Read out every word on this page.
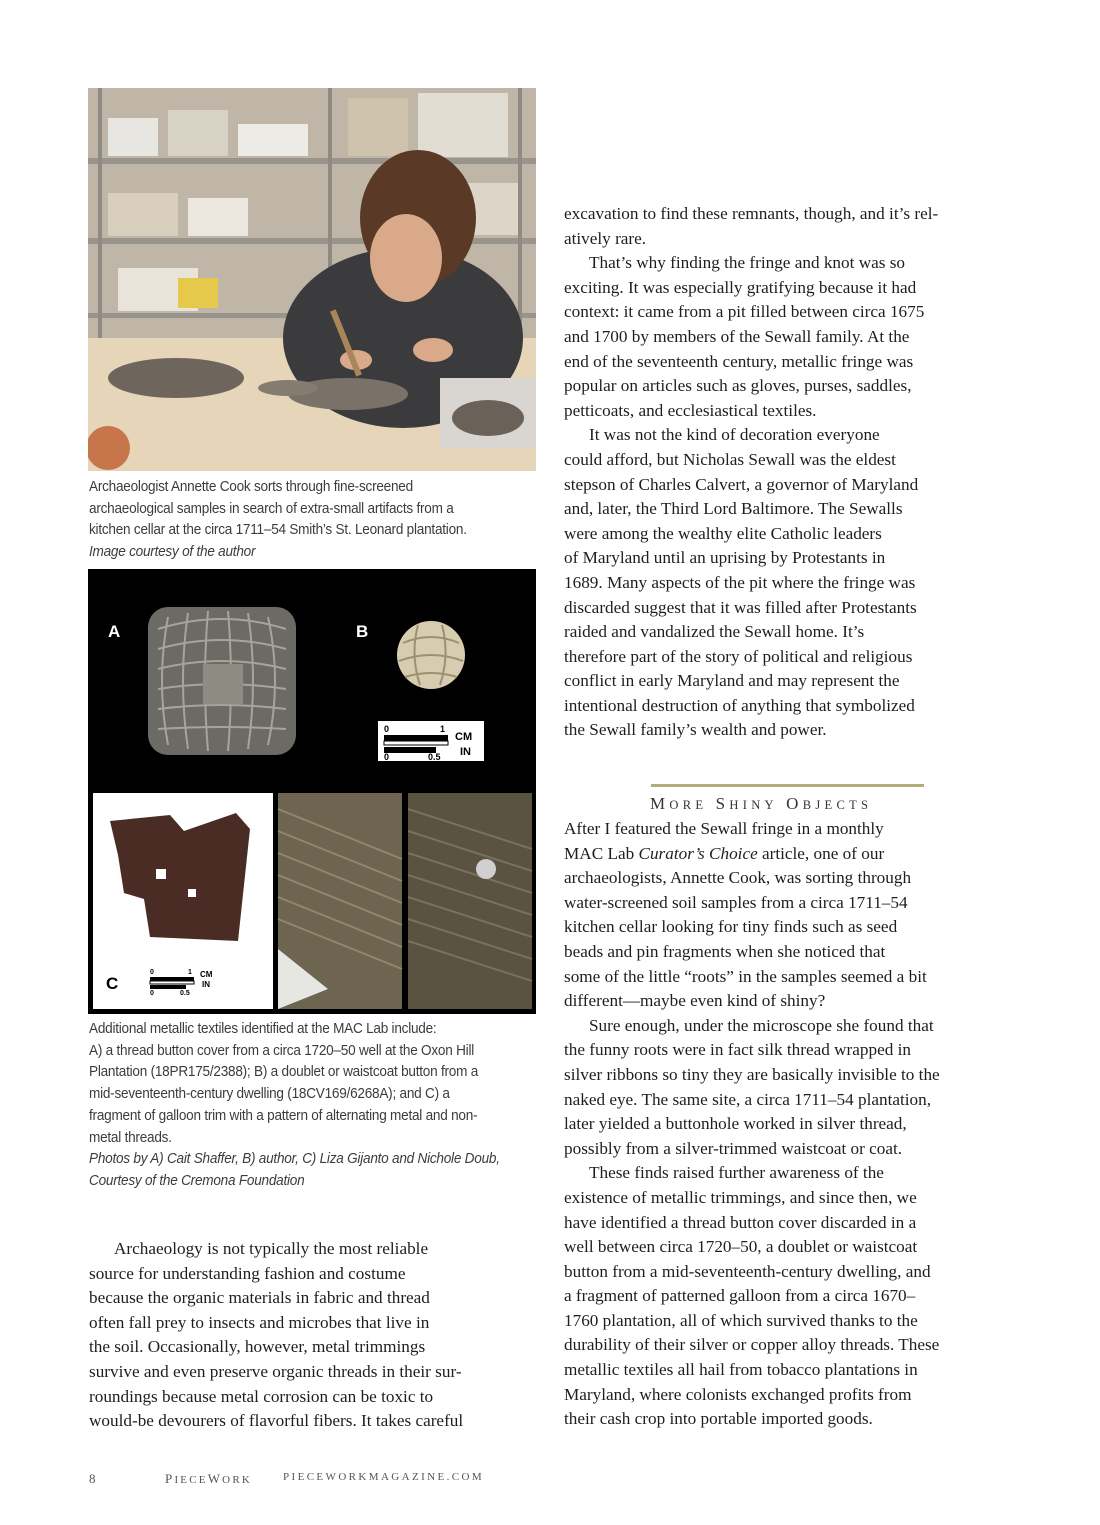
Archaeologist Annette Cook sorts through fine-screened
archaeological samples in search of extra-small artifacts from a
kitchen cellar at the circa 1711–54 Smith’s St. Leonard plantation.
Image courtesy of the author
A	B
0	1
CM
IN
0	0.5
C
0	1 CM
IN
0	0.5
Additional metallic textiles identified at the MAC Lab include:
A) a thread button cover from a circa 1720–50 well at the Oxon Hill
Plantation (18PR175/2388); B) a doublet or waistcoat button from a
mid-seventeenth-century dwelling (18CV169/6268A); and C) a
fragment of galloon trim with a pattern of alternating metal and non-
metal threads.
Photos by A) Cait Shaffer, B) author, C) Liza Gijanto and Nichole Doub,
Courtesy of the Cremona Foundation
Archaeology is not typically the most reliable
source for understanding fashion and costume
because the organic materials in fabric and thread
often fall prey to insects and microbes that live in
the soil. Occasionally, however, metal trimmings
survive and even preserve organic threads in their sur-
roundings because metal corrosion can be toxic to
would-be devourers of flavorful fibers. It takes careful
excavation to find these remnants, though, and it’s rel-
atively rare.
That’s why finding the fringe and knot was so
exciting. It was especially gratifying because it had
context: it came from a pit filled between circa 1675
and 1700 by members of the Sewall family. At the
end of the seventeenth century, metallic fringe was
popular on articles such as gloves, purses, saddles,
petticoats, and ecclesiastical textiles.
It was not the kind of decoration everyone
could afford, but Nicholas Sewall was the eldest
stepson of Charles Calvert, a governor of Maryland
and, later, the Third Lord Baltimore. The Sewalls
were among the wealthy elite Catholic leaders
of Maryland until an uprising by Protestants in
1689. Many aspects of the pit where the fringe was
discarded suggest that it was filled after Protestants
raided and vandalized the Sewall home. It’s
therefore part of the story of political and religious
conflict in early Maryland and may represent the
intentional destruction of anything that symbolized
the Sewall family’s wealth and power.
MORE SHINY OBJECTS
After I featured the Sewall fringe in a monthly
MAC Lab Curator’s Choice article, one of our
archaeologists, Annette Cook, was sorting through
water-screened soil samples from a circa 1711–54
kitchen cellar looking for tiny finds such as seed
beads and pin fragments when she noticed that
some of the little “roots” in the samples seemed a bit
different—maybe even kind of shiny?
Sure enough, under the microscope she found that
the funny roots were in fact silk thread wrapped in
silver ribbons so tiny they are basically invisible to the
naked eye. The same site, a circa 1711–54 plantation,
later yielded a buttonhole worked in silver thread,
possibly from a silver-trimmed waistcoat or coat.
These finds raised further awareness of the
existence of metallic trimmings, and since then, we
have identified a thread button cover discarded in a
well between circa 1720–50, a doublet or waistcoat
button from a mid-seventeenth-century dwelling, and
a fragment of patterned galloon from a circa 1670–
1760 plantation, all of which survived thanks to the
durability of their silver or copper alloy threads. These
metallic textiles all hail from tobacco plantations in
Maryland, where colonists exchanged profits from
their cash crop into portable imported goods.
8	PIECEWORK	PIECEWORKMAGAZINE.COM
